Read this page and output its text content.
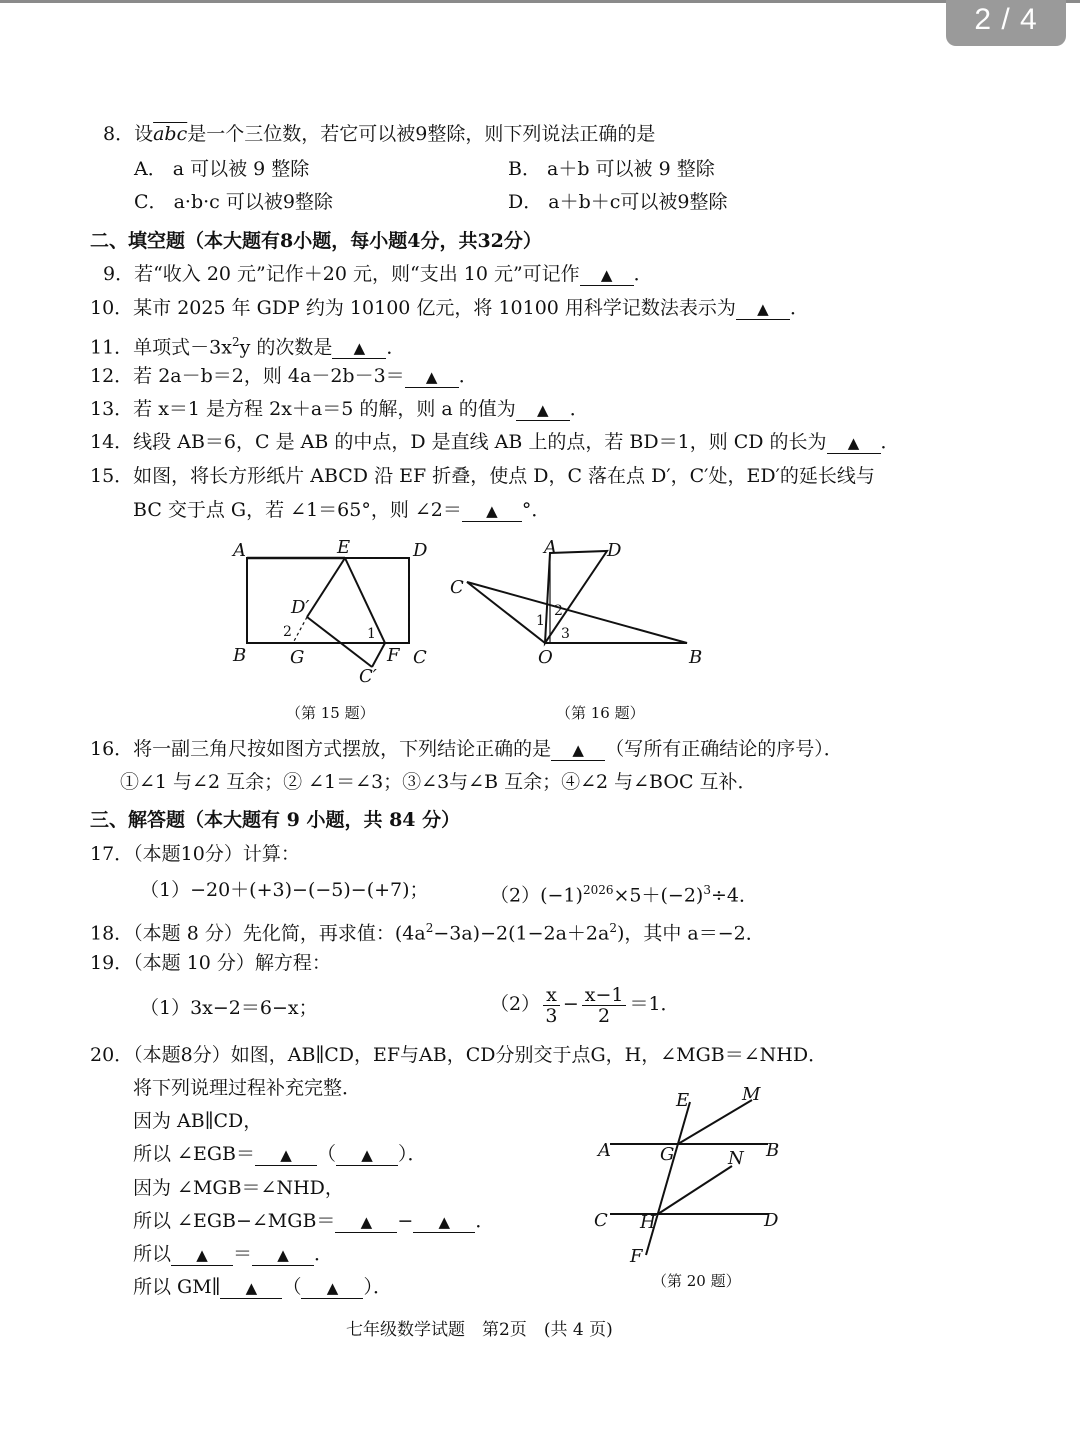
2 / 4
8．设$\overline{abc}$是一个三位数，若它可以被9整除，则下列说法正确的是
A． a 可以被 9 整除	B． a＋b 可以被 9 整除
C． a·b·c 可以被9整除	D． a＋b＋c可以被9整除
二、填空题（本大题有8小题，每小题4分，共32分）
9．若“收入 20 元”记作＋20 元，则“支出 10 元”可记作 ▲ ．
10．某市 2025 年 GDP 约为 10100 亿元，将 10100 用科学记数法表示为 ▲ ．
11．单项式$-3x^2y$ 的次数是 ▲ ．
12．若 2a－b＝2，则 4a－2b－3＝ ▲ ．
13．若 x＝1 是方程 2x＋a＝5 的解，则 a 的值为 ▲ ．
14．线段 AB＝6，C 是 AB 的中点，D 是直线 AB 上的点，若 BD＝1，则 CD 的长为 ▲ ．
15．如图，将长方形纸片 ABCD 沿 EF 折叠，使点 D，C 落在点 D′，C′处，ED′的延长线与
BC 交于点 G，若 ∠1＝65°，则 ∠2＝ ▲ °．
A	E	D
D′
B G	F C
C′
1
2
（第 15 题）
A	D
C
O	B
1
2
3
（第 16 题）
16．将一副三角尺按如图方式摆放，下列结论正确的是 ▲ （写所有正确结论的序号）．
①∠1 与∠2 互余；② ∠1＝∠3；③∠3与∠B 互余；④∠2 与∠BOC 互补．
三、解答题（本大题有 9 小题，共 84 分）
17．（本题10分）计算：
（1）−20＋(+3)−(−5)−(+7)；	$(2)(-1)^{2026}\times 5+(-2)^3\div 4$．
18．（本题 8 分）先化简，再求值：$(4a^2-3a)-2(1-2a+2a^2)$，其中 a＝−2．
19．（本题 10 分）解方程：
（1）3x−2＝6−x；	$(2) \frac{x}{3} - \frac{x-1}{2} =1$．
20．（本题8分）如图，AB∥CD，EF与AB，CD分别交于点G，H，∠MGB＝∠NHD．
将下列说理过程补充完整．
因为 AB∥CD，
所以 ∠EGB＝ ▲ （ ▲ ）．
因为 ∠MGB＝∠NHD，
所以 ∠EGB−∠MGB＝ ▲ − ▲ ．
所以 ▲ ＝ ▲ ．
所以 GM∥ ▲ （ ▲ ）．
E	M
A	G	B
N
C H	D
F
（第 20 题）
七年级数学试题　第2页　(共 4 页)
